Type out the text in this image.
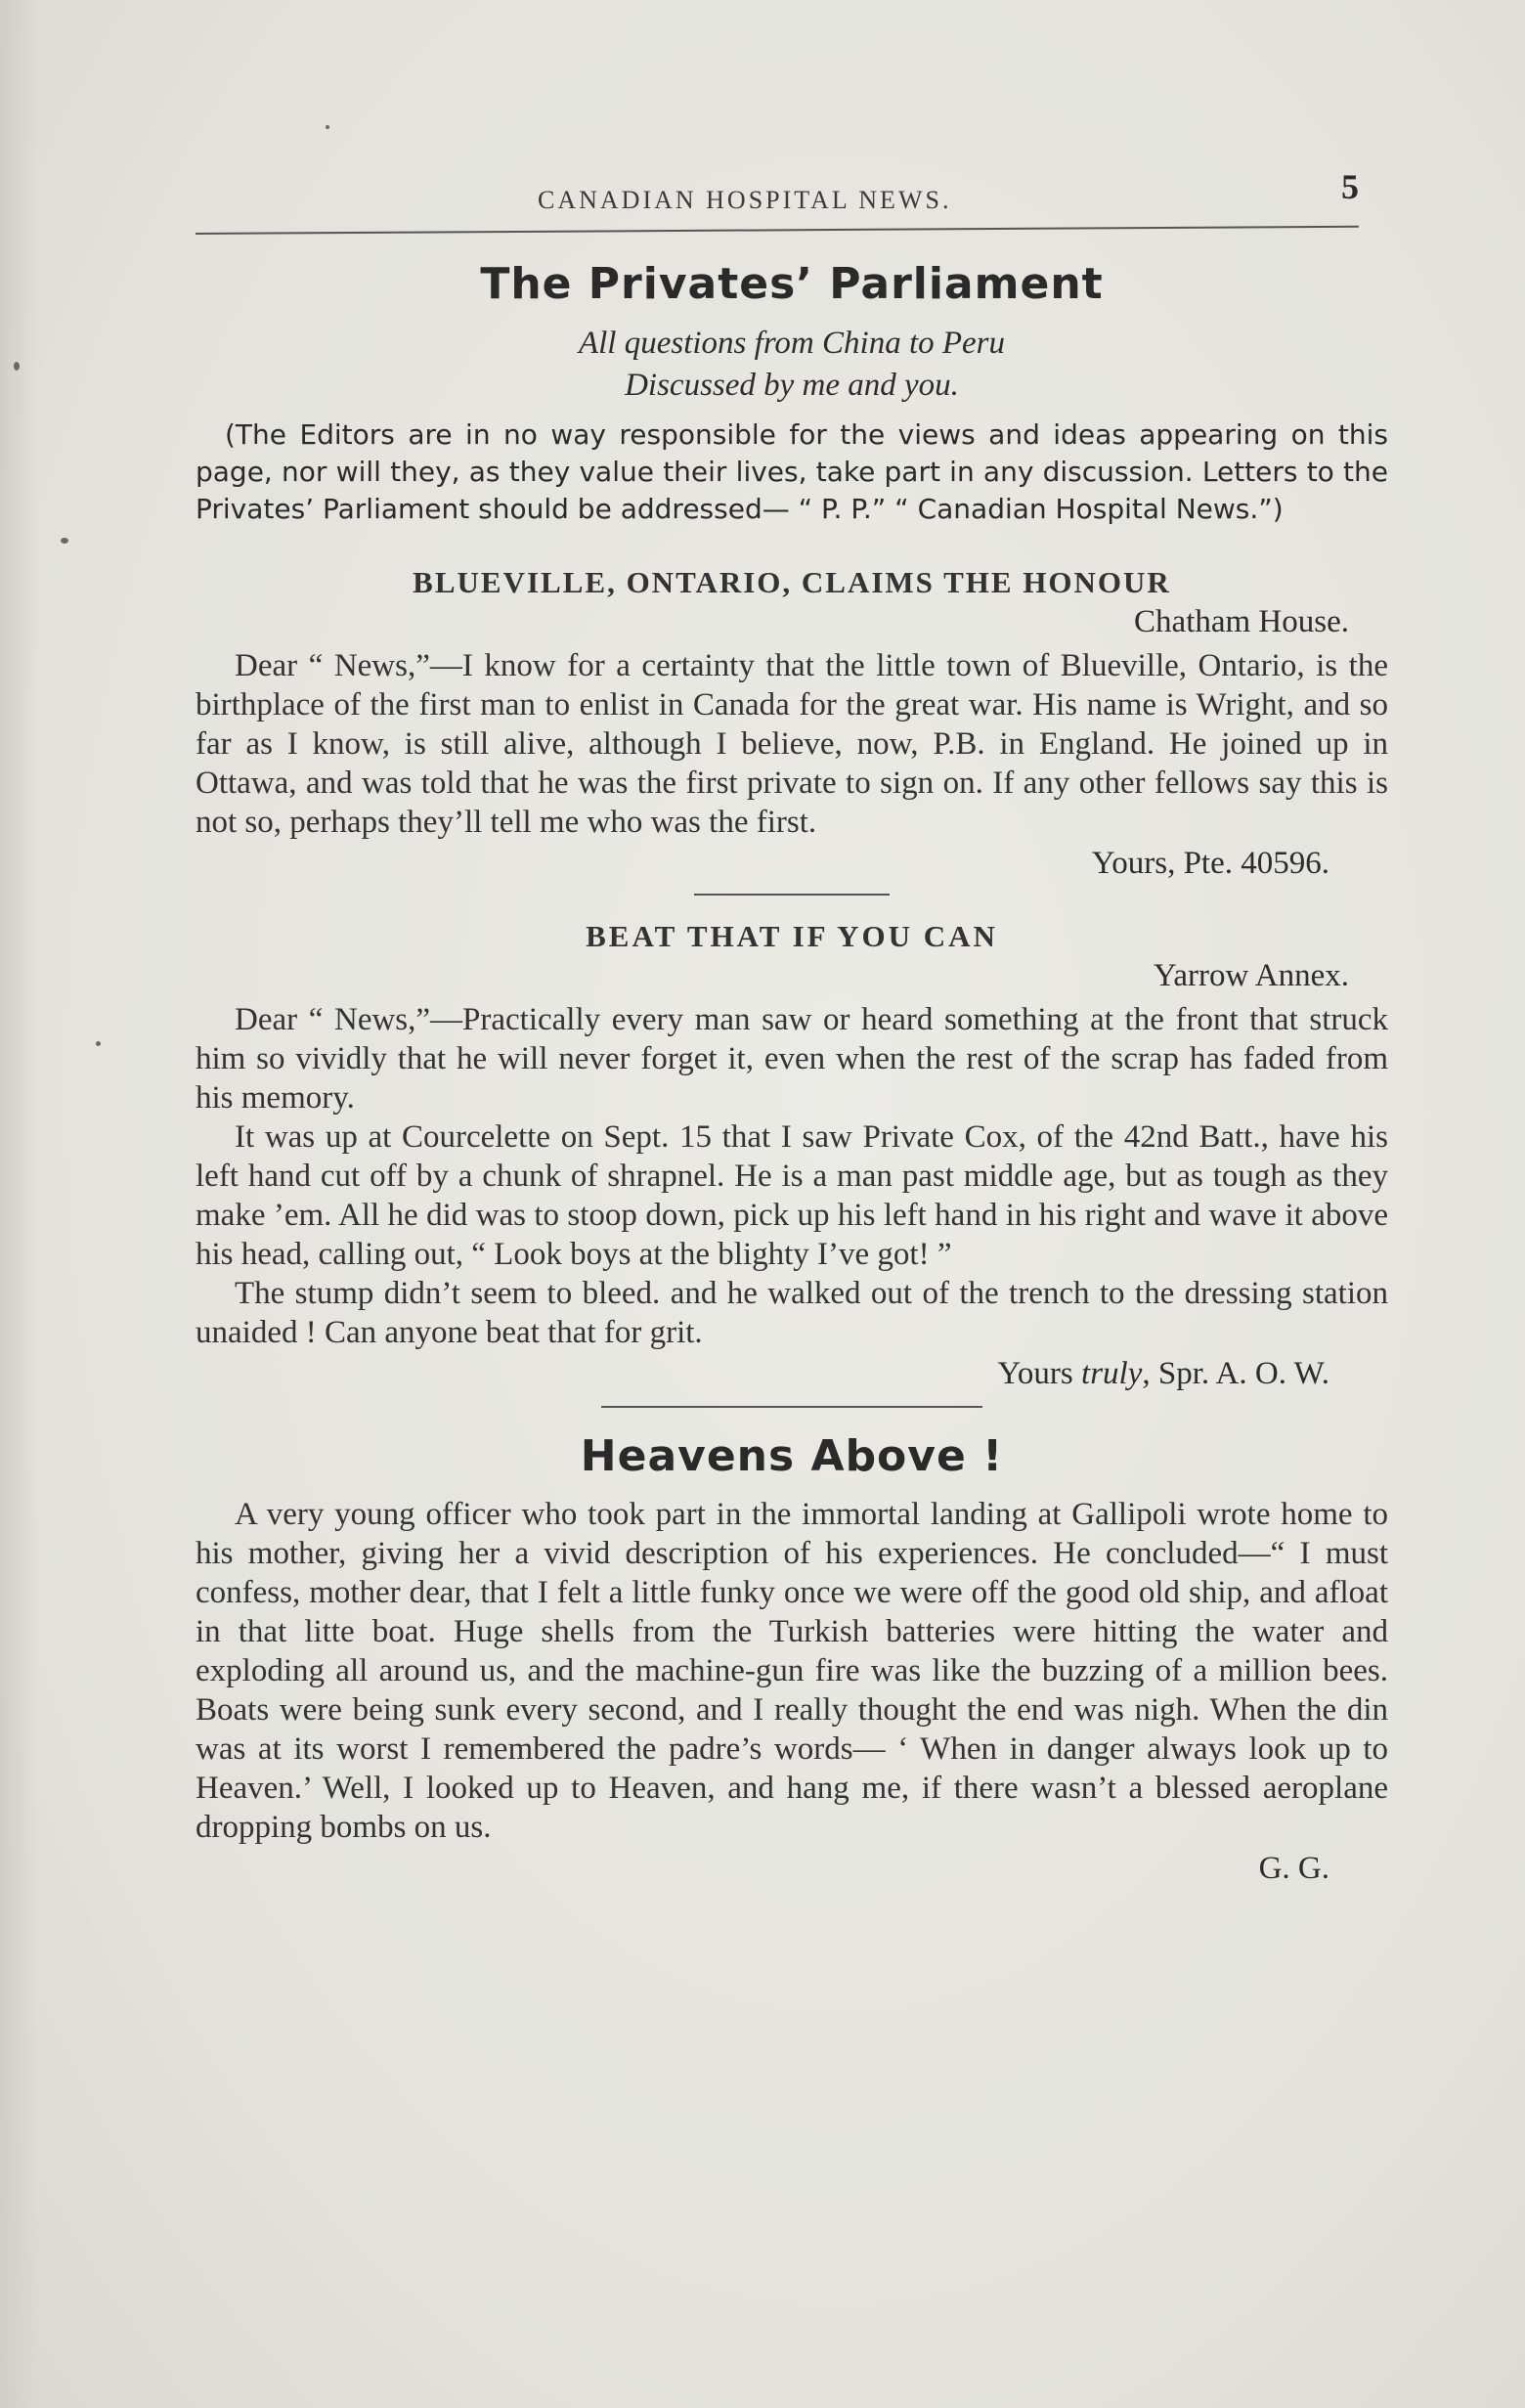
CANADIAN HOSPITAL NEWS.	5
The Privates’ Parliament
All questions from China to Peru
Discussed by me and you.

(The Editors are in no way responsible for the views and ideas appearing on this page, nor will they, as they value their lives, take part in any discussion. Letters to the Privates’ Parliament should be addressed— “ P. P.” “ Canadian Hospital News.”)

BLUEVILLE, ONTARIO, CLAIMS THE HONOUR
Chatham House.

Dear “ News,”—I know for a certainty that the little town of Blueville, Ontario, is the birthplace of the first man to enlist in Canada for the great war. His name is Wright, and so far as I know, is still alive, although I believe, now, P.B. in England. He joined up in Ottawa, and was told that he was the first private to sign on. If any other fellows say this is not so, perhaps they’ll tell me who was the first.

Yours, Pte. 40596.
BEAT THAT IF YOU CAN
Yarrow Annex.

Dear “ News,”—Practically every man saw or heard something at the front that struck him so vividly that he will never forget it, even when the rest of the scrap has faded from his memory.

It was up at Courcelette on Sept. 15 that I saw Private Cox, of the 42nd Batt., have his left hand cut off by a chunk of shrapnel. He is a man past middle age, but as tough as they make ’em. All he did was to stoop down, pick up his left hand in his right and wave it above his head, calling out, “ Look boys at the blighty I’ve got! ”

The stump didn’t seem to bleed. and he walked out of the trench to the dressing station unaided ! Can anyone beat that for grit.

Yours truly, Spr. A. O. W.
Heavens Above !

A very young officer who took part in the immortal landing at Gallipoli wrote home to his mother, giving her a vivid description of his experiences. He concluded—“ I must confess, mother dear, that I felt a little funky once we were off the good old ship, and afloat in that litte boat. Huge shells from the Turkish batteries were hitting the water and exploding all around us, and the machine-gun fire was like the buzzing of a million bees. Boats were being sunk every second, and I really thought the end was nigh. When the din was at its worst I remembered the padre’s words— ‘ When in danger always look up to Heaven.’ Well, I looked up to Heaven, and hang me, if there wasn’t a blessed aeroplane dropping bombs on us.

G. G.
